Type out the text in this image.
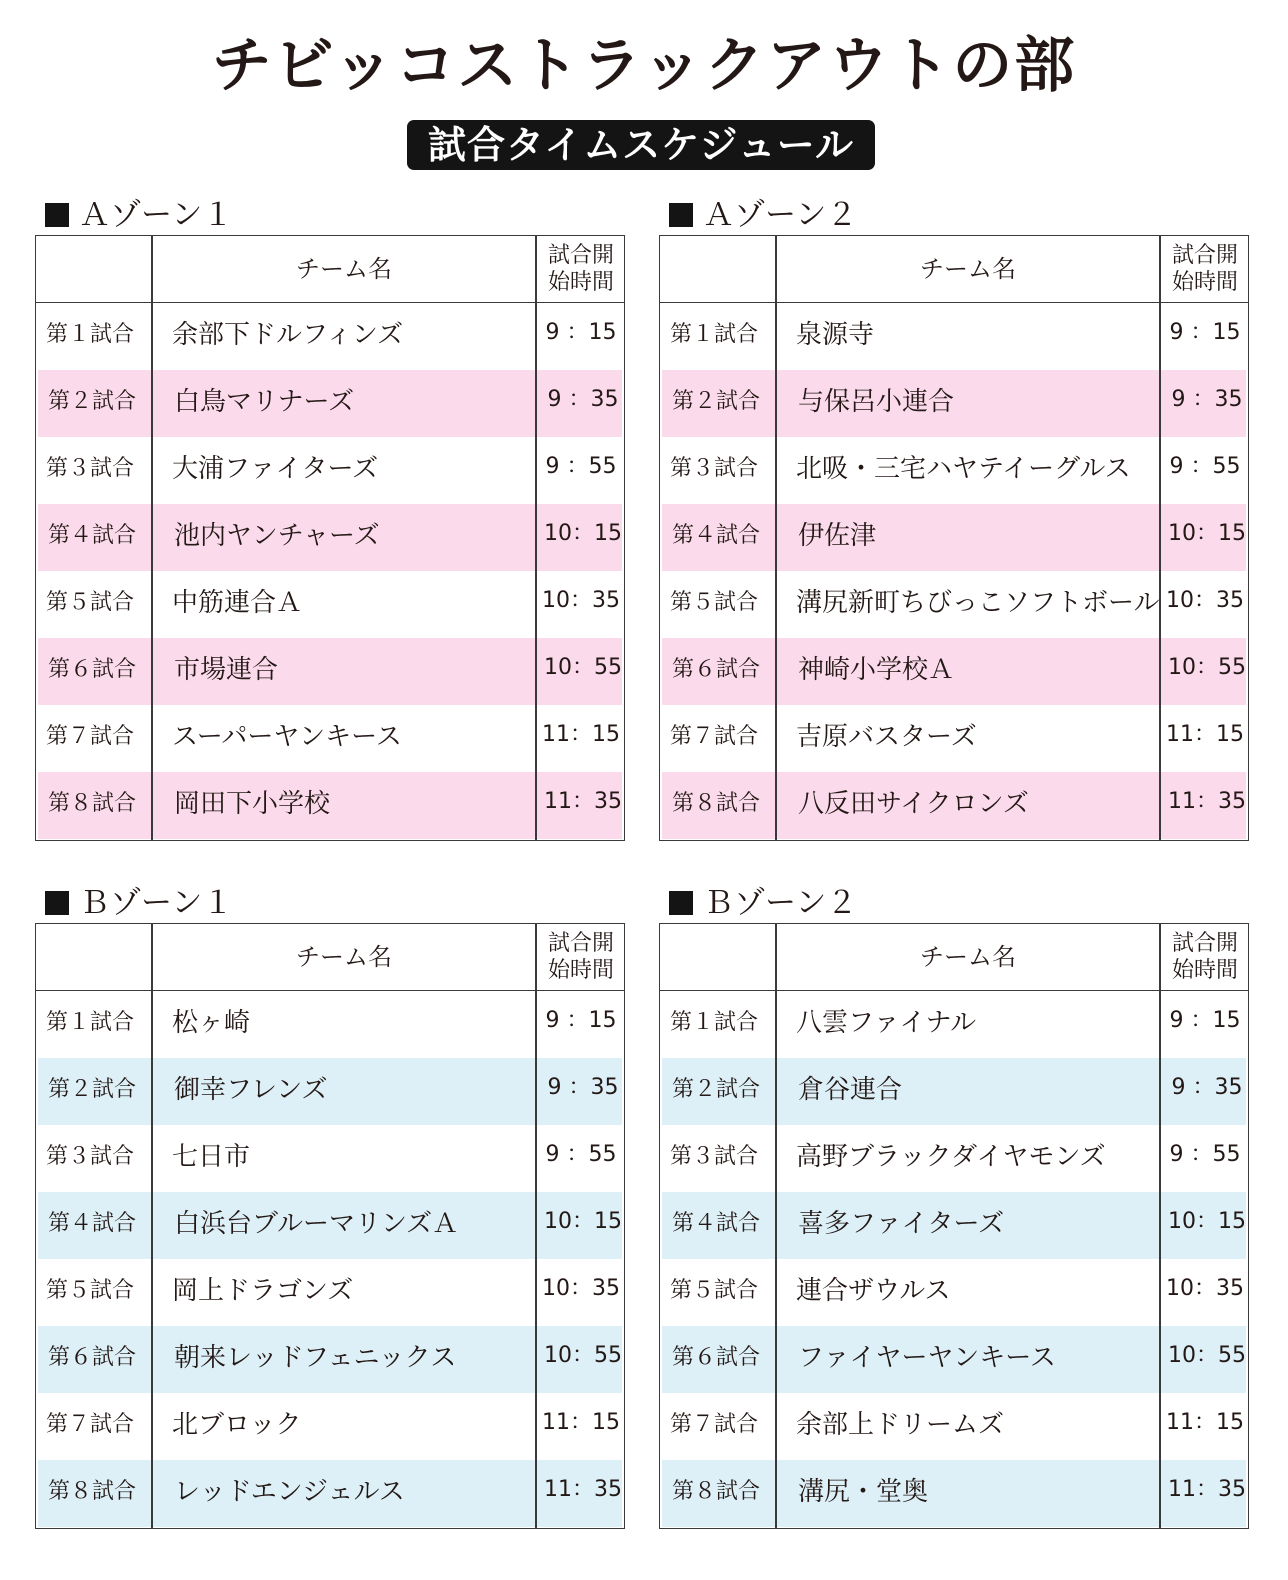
チビッコストラックアウトの部
試合タイムスケジュール
Ａゾーン１
チーム名	試合開
始時間
第１試合 余部下ドルフィンズ	9 ：15
第２試合 白鳥マリナーズ	9 ：35
第３試合 大浦ファイターズ	9 ：55
第４試合 池内ヤンチャーズ	10：15
第５試合 中筋連合Ａ	10：35
第６試合 市場連合	10：55
第７試合 スーパーヤンキース	11：15
第８試合 岡田下小学校	11：35
Ａゾーン２
チーム名	試合開
始時間
第１試合 泉源寺	9 ：15
第２試合 与保呂小連合	9 ：35
第３試合 北吸・三宅ハヤテイーグルス	9 ：55
第４試合 伊佐津	10：15
第５試合 溝尻新町ちびっこソフトボール 10：35
第６試合 神崎小学校Ａ	10：55
第７試合 吉原バスターズ	11：15
第８試合 八反田サイクロンズ	11：35
Ｂゾーン１
チーム名	試合開
始時間
第１試合 松ヶ崎	9 ：15
第２試合 御幸フレンズ	9 ：35
第３試合 七日市	9 ：55
第４試合 白浜台ブルーマリンズＡ	10：15
第５試合 岡上ドラゴンズ	10：35
第６試合 朝来レッドフェニックス	10：55
第７試合 北ブロック	11：15
第８試合 レッドエンジェルス	11：35
Ｂゾーン２
チーム名	試合開
始時間
第１試合 八雲ファイナル	9 ：15
第２試合 倉谷連合	9 ：35
第３試合 高野ブラックダイヤモンズ	9 ：55
第４試合 喜多ファイターズ	10：15
第５試合 連合ザウルス	10：35
第６試合 ファイヤーヤンキース	10：55
第７試合 余部上ドリームズ	11：15
第８試合 溝尻・堂奥	11：35
